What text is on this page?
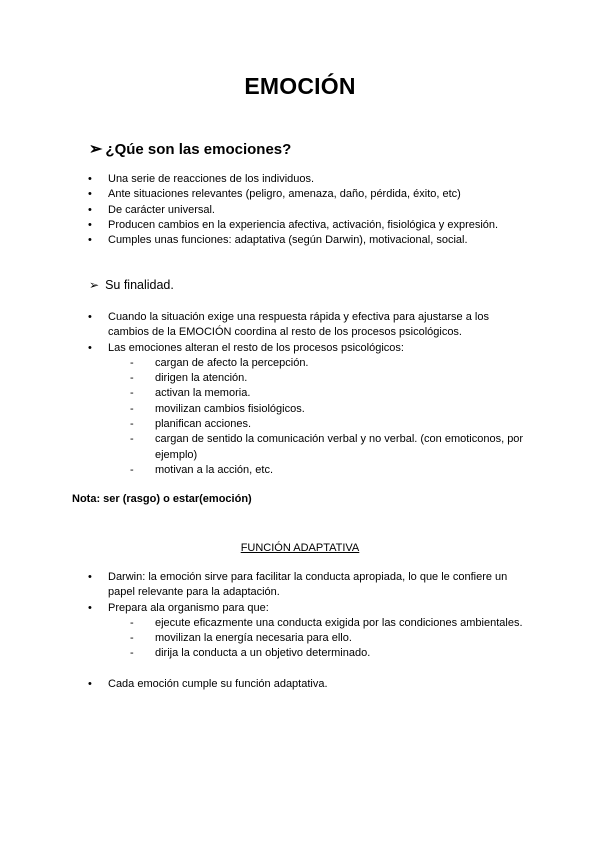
EMOCIÓN
➢ ¿Qúe son las emociones?
• Una serie de reacciones de los individuos.
• Ante situaciones relevantes (peligro, amenaza, daño, pérdida, éxito, etc)
• De carácter universal.
• Producen cambios en la experiencia afectiva, activación, fisiológica y expresión.
• Cumples unas funciones: adaptativa (según Darwin), motivacional, social.
➢ Su finalidad.
• Cuando la situación exige una respuesta rápida y efectiva para ajustarse a los cambios de la EMOCIÓN coordina al resto de los procesos psicológicos.
• Las emociones alteran el resto de los procesos psicológicos:
- cargan de afecto la percepción.
- dirigen la atención.
- activan la memoria.
- movilizan cambios fisiológicos.
- planifican acciones.
- cargan de sentido la comunicación verbal y no verbal. (con emoticonos, por ejemplo)
- motivan a la acción, etc.
Nota: ser (rasgo) o estar(emoción)
FUNCIÓN ADAPTATIVA
• Darwin: la emoción sirve para facilitar la conducta apropiada, lo que le confiere un papel relevante para la adaptación.
• Prepara ala organismo para que:
- ejecute eficazmente una conducta exigida por las condiciones ambientales.
- movilizan la energía necesaria para ello.
- dirija la conducta a un objetivo determinado.
• Cada emoción cumple su función adaptativa.
